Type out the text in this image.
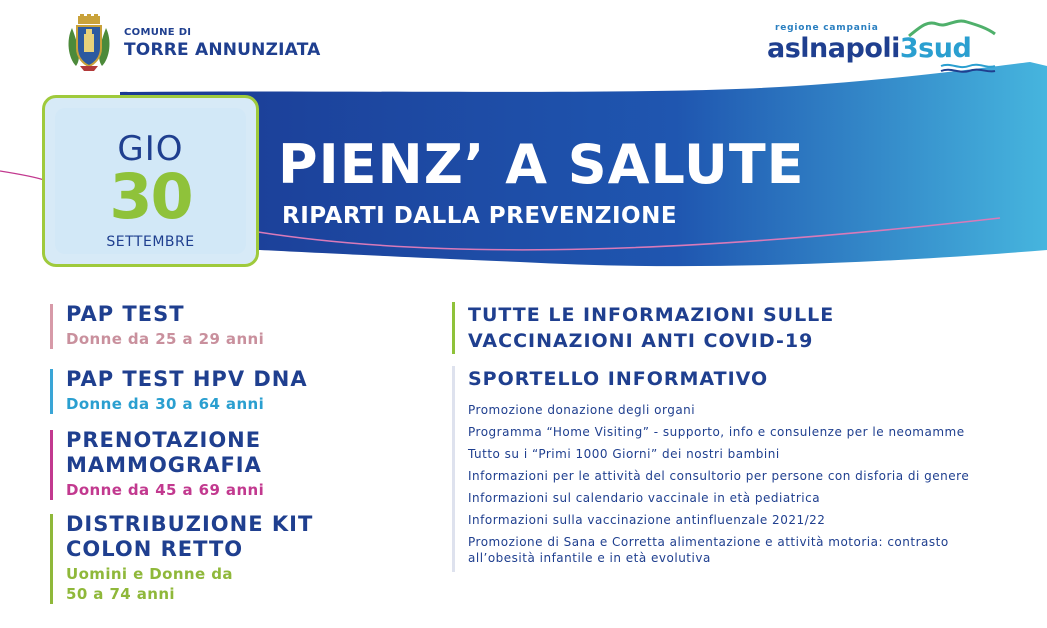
COMUNE DI
TORRE ANNUNZIATA
regione campania
aslnapoli3sud
GIO
30
SETTEMBRE
PIENZ’ A SALUTE
RIPARTI DALLA PREVENZIONE
PAP TEST
Donne da 25 a 29 anni
PAP TEST HPV DNA
Donne da 30 a 64 anni
PRENOTAZIONE MAMMOGRAFIA
Donne da 45 a 69 anni
DISTRIBUZIONE KIT COLON RETTO
Uomini e Donne da 50 a 74 anni
TUTTE LE INFORMAZIONI SULLE VACCINAZIONI ANTI COVID-19
SPORTELLO INFORMATIVO
Promozione donazione degli organi
Programma “Home Visiting” - supporto, info e consulenze per le neomamme
Tutto su i “Primi 1000 Giorni” dei nostri bambini
Informazioni per le attività del consultorio per persone con disforia di genere
Informazioni sul calendario vaccinale in età pediatrica
Informazioni sulla vaccinazione antinfluenzale 2021/22
Promozione di Sana e Corretta alimentazione e attività motoria: contrasto all’obesità infantile e in età evolutiva
